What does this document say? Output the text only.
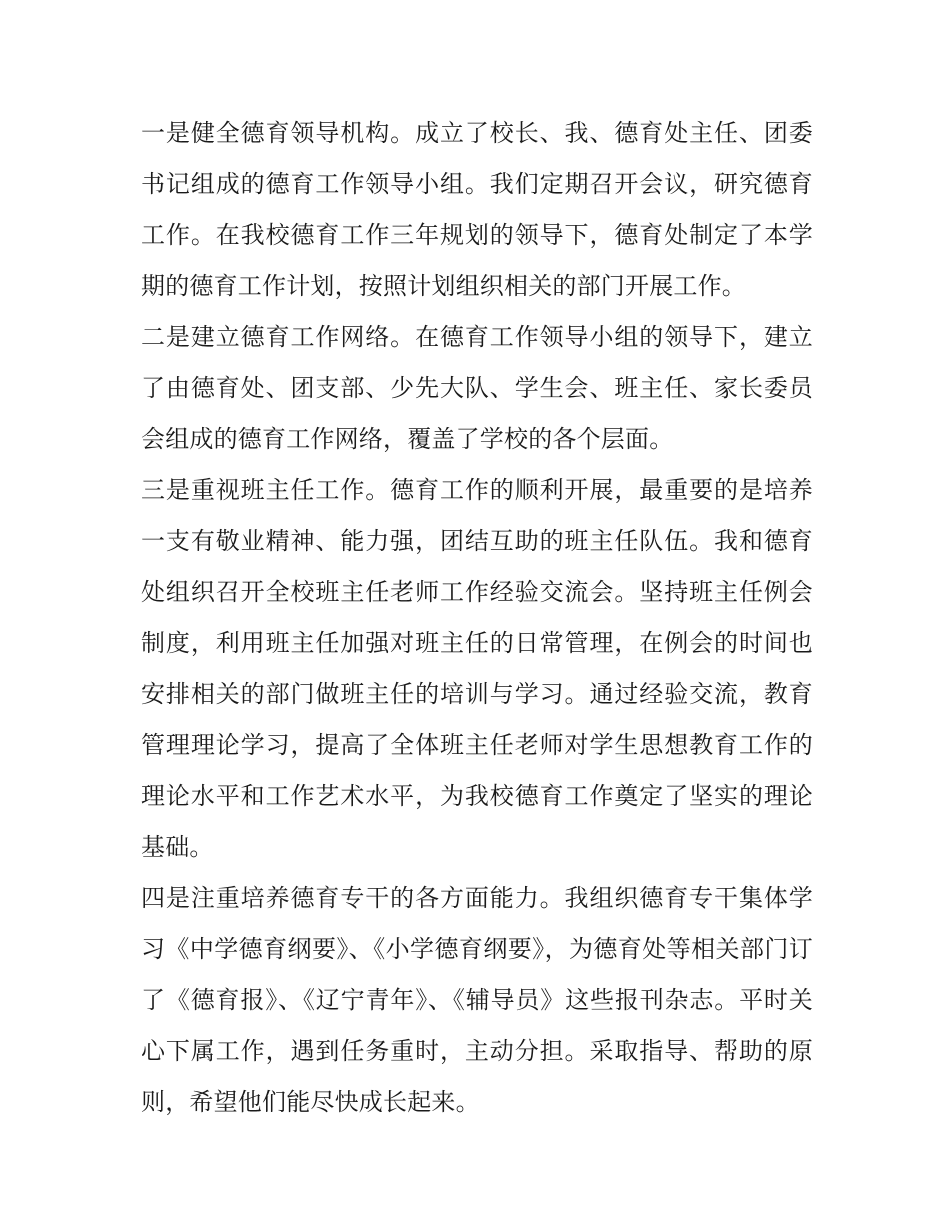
一是健全德育领导机构。成立了校长、我、德育处主任、团委书记组成的德育工作领导小组。我们定期召开会议，研究德育工作。在我校德育工作三年规划的领导下，德育处制定了本学期的德育工作计划，按照计划组织相关的部门开展工作。

二是建立德育工作网络。在德育工作领导小组的领导下，建立了由德育处、团支部、少先大队、学生会、班主任、家长委员会组成的德育工作网络，覆盖了学校的各个层面。

三是重视班主任工作。德育工作的顺利开展，最重要的是培养一支有敬业精神、能力强，团结互助的班主任队伍。我和德育处组织召开全校班主任老师工作经验交流会。坚持班主任例会制度，利用班主任加强对班主任的日常管理，在例会的时间也安排相关的部门做班主任的培训与学习。通过经验交流，教育管理理论学习，提高了全体班主任老师对学生思想教育工作的理论水平和工作艺术水平，为我校德育工作奠定了坚实的理论基础。

四是注重培养德育专干的各方面能力。我组织德育专干集体学习《中学德育纲要》、《小学德育纲要》，为德育处等相关部门订了《德育报》、《辽宁青年》、《辅导员》这些报刊杂志。平时关心下属工作，遇到任务重时，主动分担。采取指导、帮助的原则，希望他们能尽快成长起来。
